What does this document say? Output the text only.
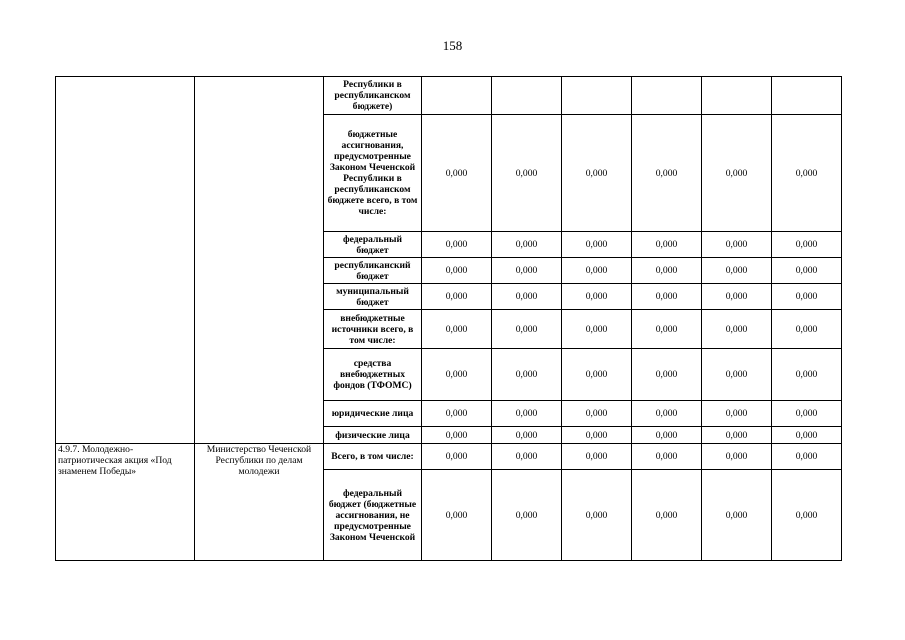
158
		Республики в республиканском бюджете)						
		бюджетные ассигнования, предусмотренные Законом Чеченской Республики в республиканском бюджете всего, в том числе:	0,000	0,000	0,000	0,000	0,000	0,000
		федеральный бюджет	0,000	0,000	0,000	0,000	0,000	0,000
		республиканский бюджет	0,000	0,000	0,000	0,000	0,000	0,000
		муниципальный бюджет	0,000	0,000	0,000	0,000	0,000	0,000
		внебюджетные источники всего, в том числе:	0,000	0,000	0,000	0,000	0,000	0,000
		средства внебюджетных фондов (ТФОМС)	0,000	0,000	0,000	0,000	0,000	0,000
		юридические лица	0,000	0,000	0,000	0,000	0,000	0,000
		физические лица	0,000	0,000	0,000	0,000	0,000	0,000
4.9.7. Молодежно-патриотическая акция «Под знаменем Победы»	Министерство Чеченской Республики по делам молодежи	Всего, в том числе:	0,000	0,000	0,000	0,000	0,000	0,000
		федеральный бюджет (бюджетные ассигнования, не предусмотренные Законом Чеченской	0,000	0,000	0,000	0,000	0,000	0,000
